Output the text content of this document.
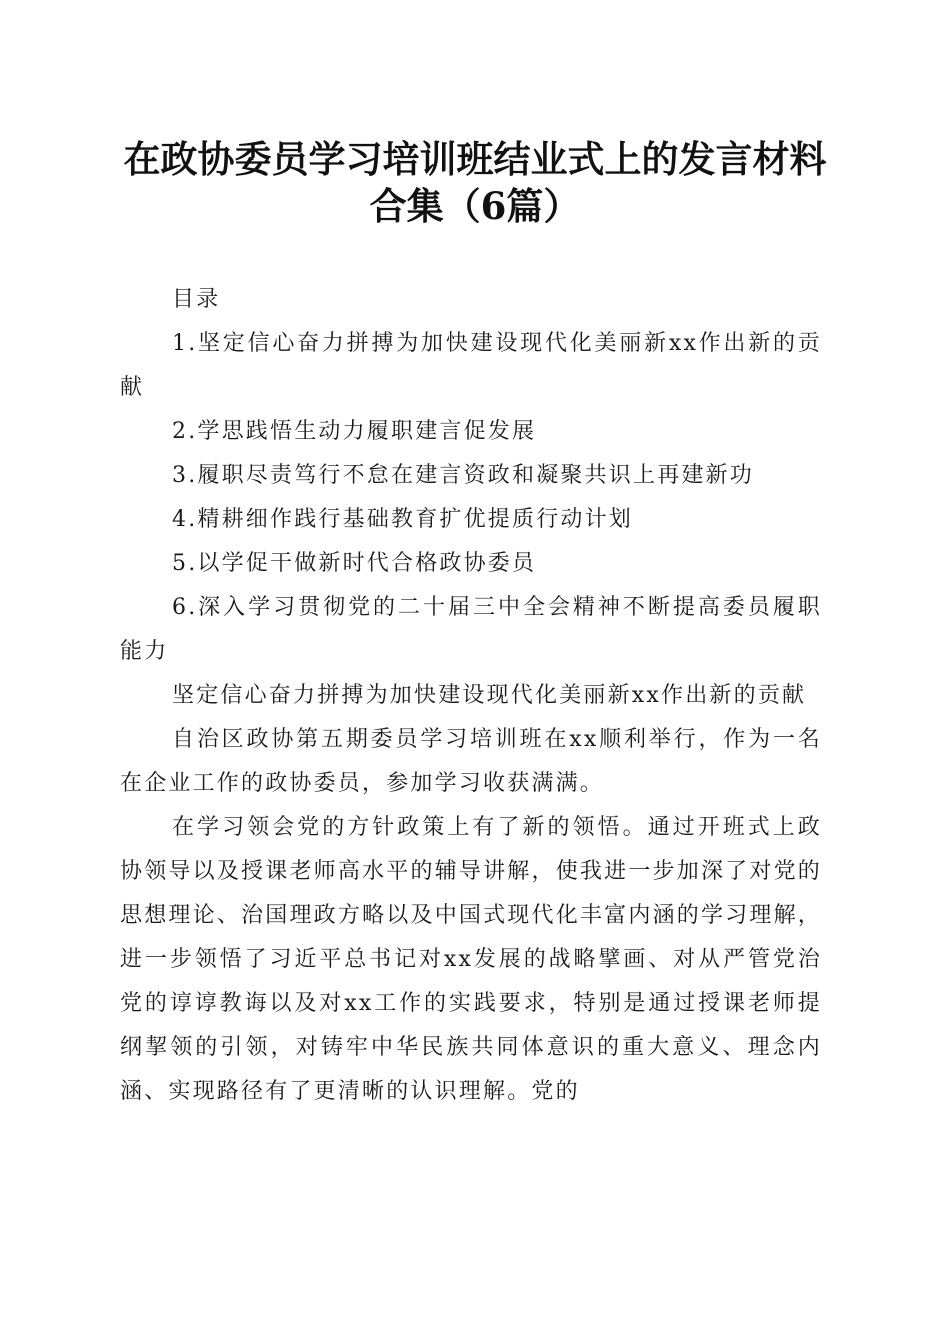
在政协委员学习培训班结业式上的发言材料合集（6篇）

目录

1.坚定信心奋力拼搏为加快建设现代化美丽新xx作出新的贡献

2.学思践悟生动力履职建言促发展

3.履职尽责笃行不怠在建言资政和凝聚共识上再建新功

4.精耕细作践行基础教育扩优提质行动计划

5.以学促干做新时代合格政协委员

6.深入学习贯彻党的二十届三中全会精神不断提高委员履职能力

坚定信心奋力拼搏为加快建设现代化美丽新xx作出新的贡献

自治区政协第五期委员学习培训班在xx顺利举行，作为一名在企业工作的政协委员，参加学习收获满满。

在学习领会党的方针政策上有了新的领悟。通过开班式上政协领导以及授课老师高水平的辅导讲解，使我进一步加深了对党的思想理论、治国理政方略以及中国式现代化丰富内涵的学习理解，进一步领悟了习近平总书记对xx发展的战略擘画、对从严管党治党的谆谆教诲以及对xx工作的实践要求，特别是通过授课老师提纲挈领的引领，对铸牢中华民族共同体意识的重大意义、理念内涵、实现路径有了更清晰的认识理解。党的
